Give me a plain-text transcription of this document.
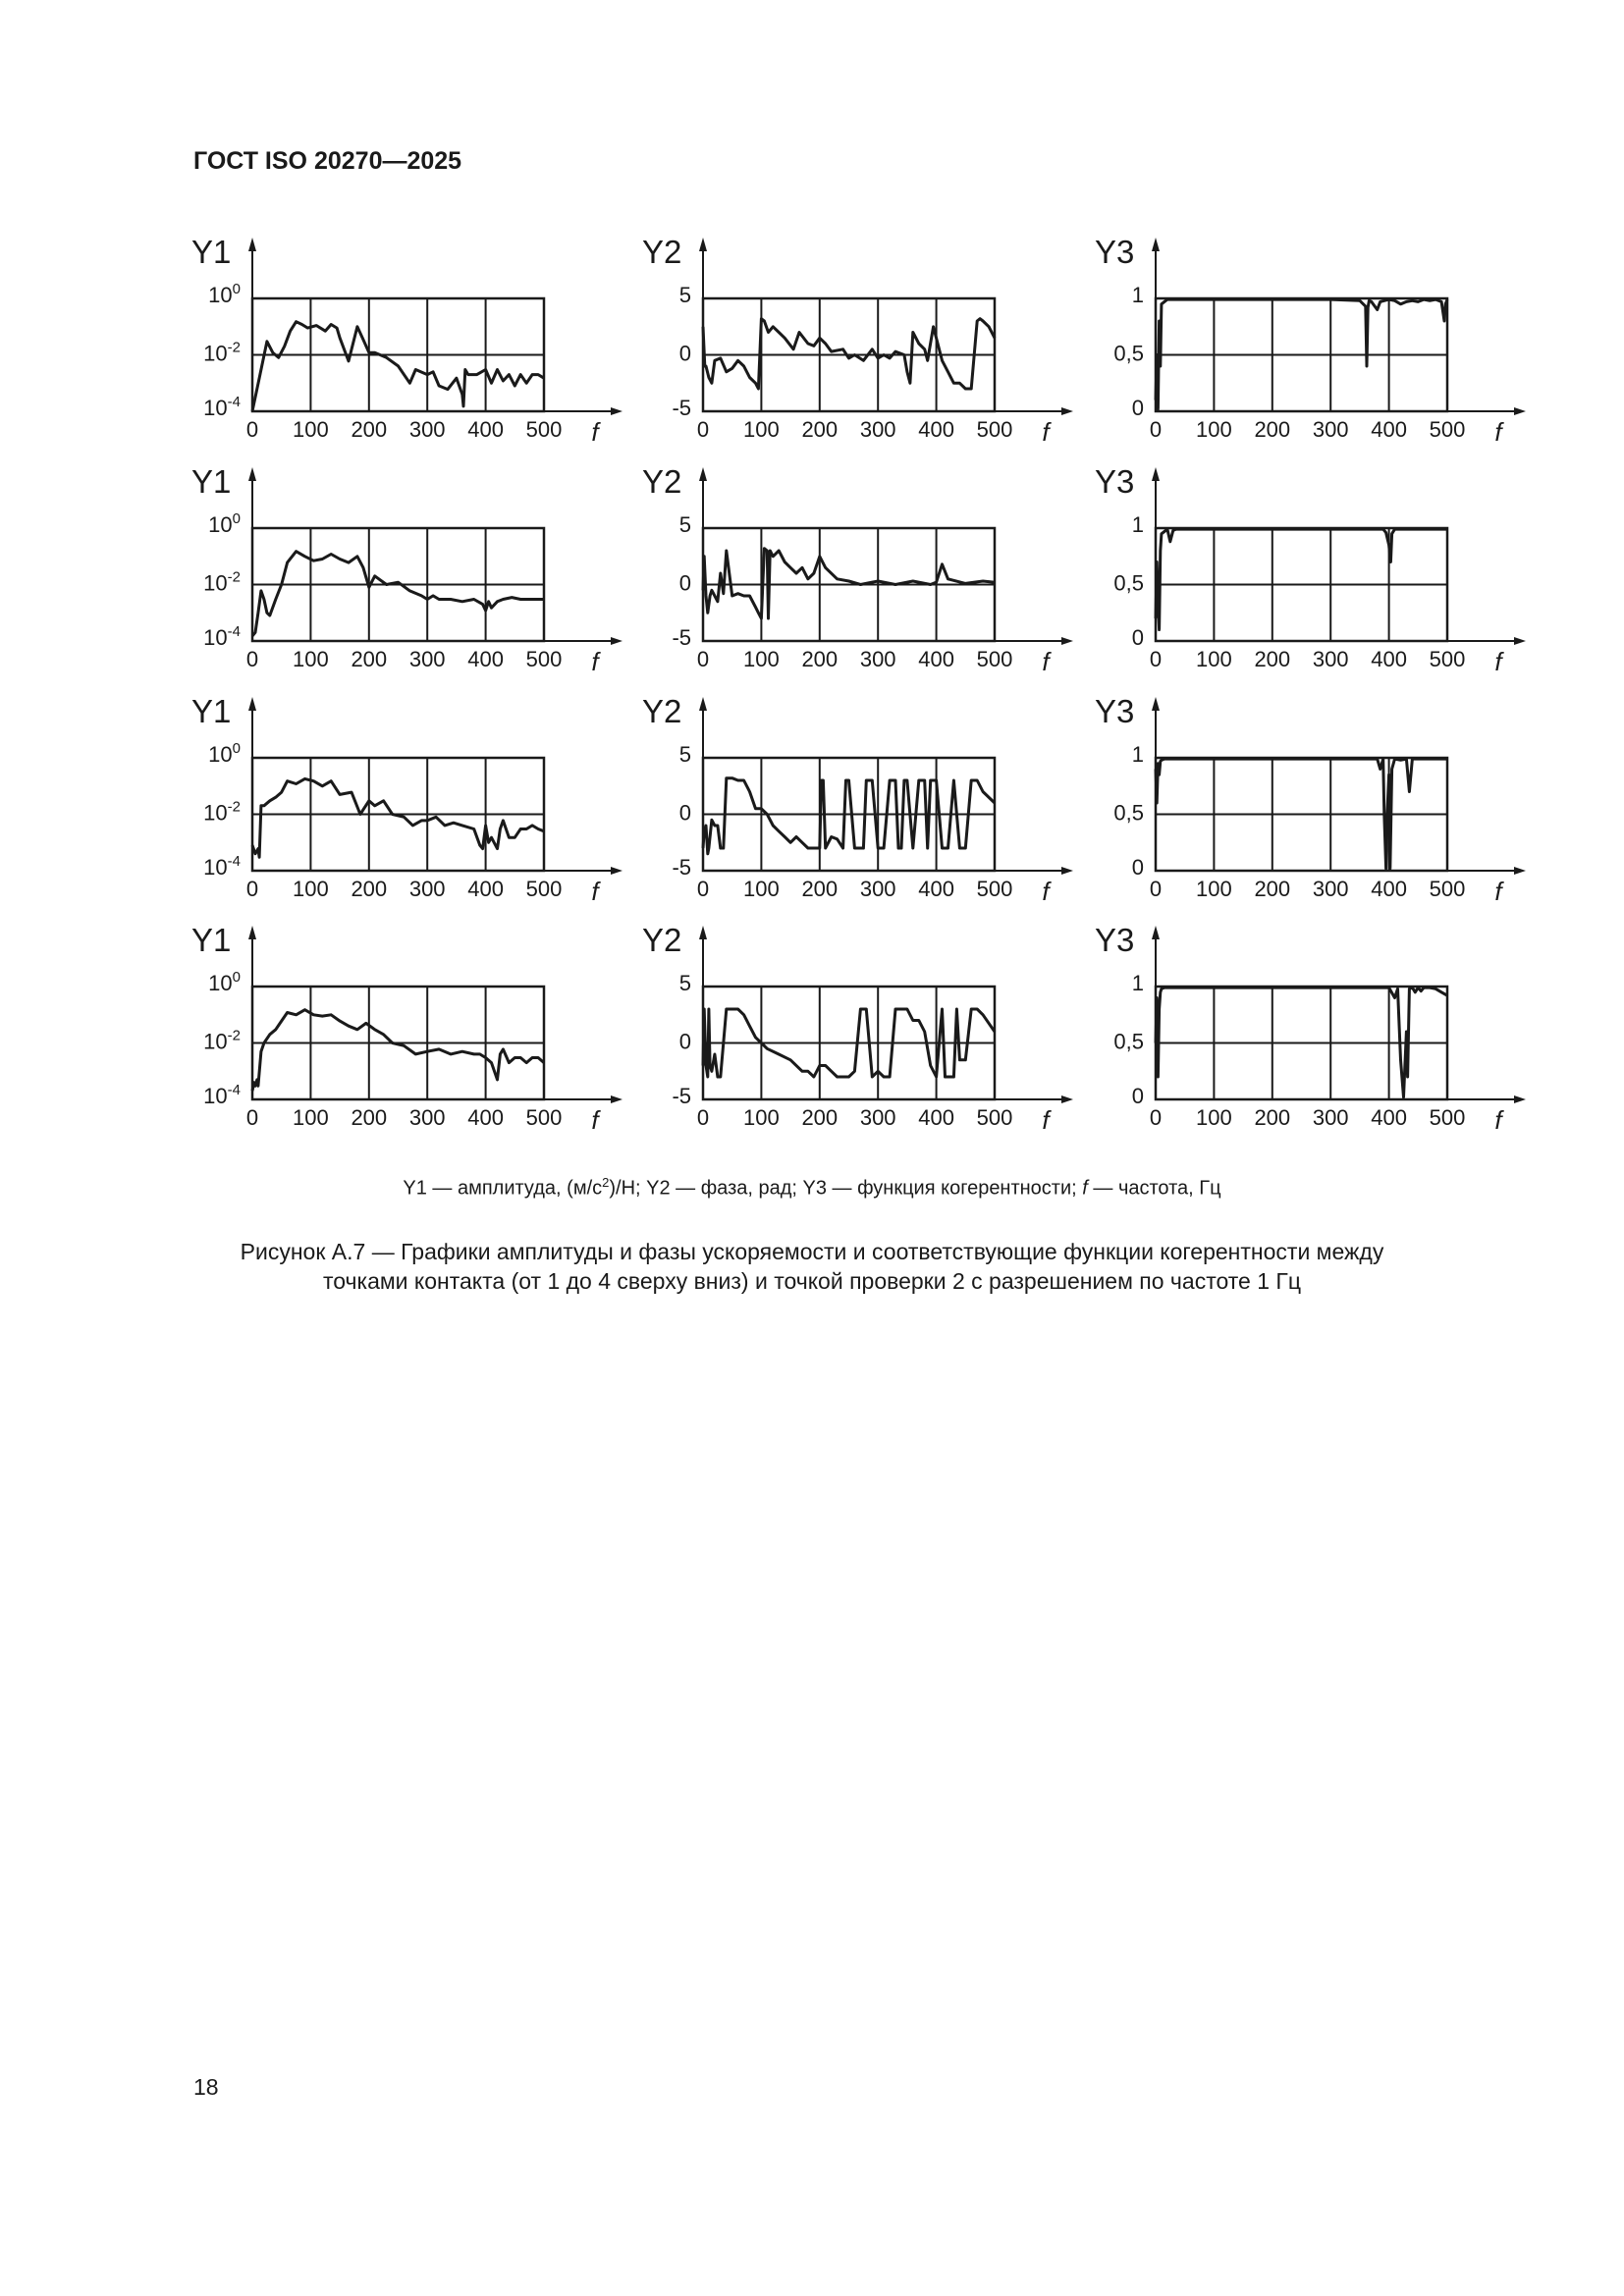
ГОСТ ISO 20270—2025
Y1
f
0 100 200 300 400 500
$10^0$
$10^{-2}$
$10^{-4}$
Y2
f
0 100 200 300 400 500
5
0
-5
Y3
f
0 100 200 300 400 500
1
0,5
0
Y1
f
0 100 200 300 400 500
$10^0$
$10^{-2}$
$10^{-4}$
Y2
f
0 100 200 300 400 500
5
0
-5
Y3
f
0 100 200 300 400 500
1
0,5
0
Y1
f
0 100 200 300 400 500
$10^0$
$10^{-2}$
$10^{-4}$
Y2
f
0 100 200 300 400 500
5
0
-5
Y3
f
0 100 200 300 400 500
1
0,5
0
Y1
f
0 100 200 300 400 500
$10^0$
$10^{-2}$
$10^{-4}$
Y2
f
0 100 200 300 400 500
5
0
-5
Y3
f
0 100 200 300 400 500
1
0,5
0
Y1 — амплитуда, $(м/с^2)/Н$; Y2 — фаза, рад; Y3 — функция когерентности; f — частота, Гц
Рисунок А.7 — Графики амплитуды и фазы ускоряемости и соответствующие функции когерентности между
точками контакта (от 1 до 4 сверху вниз) и точкой проверки 2 с разрешением по частоте 1 Гц
18
